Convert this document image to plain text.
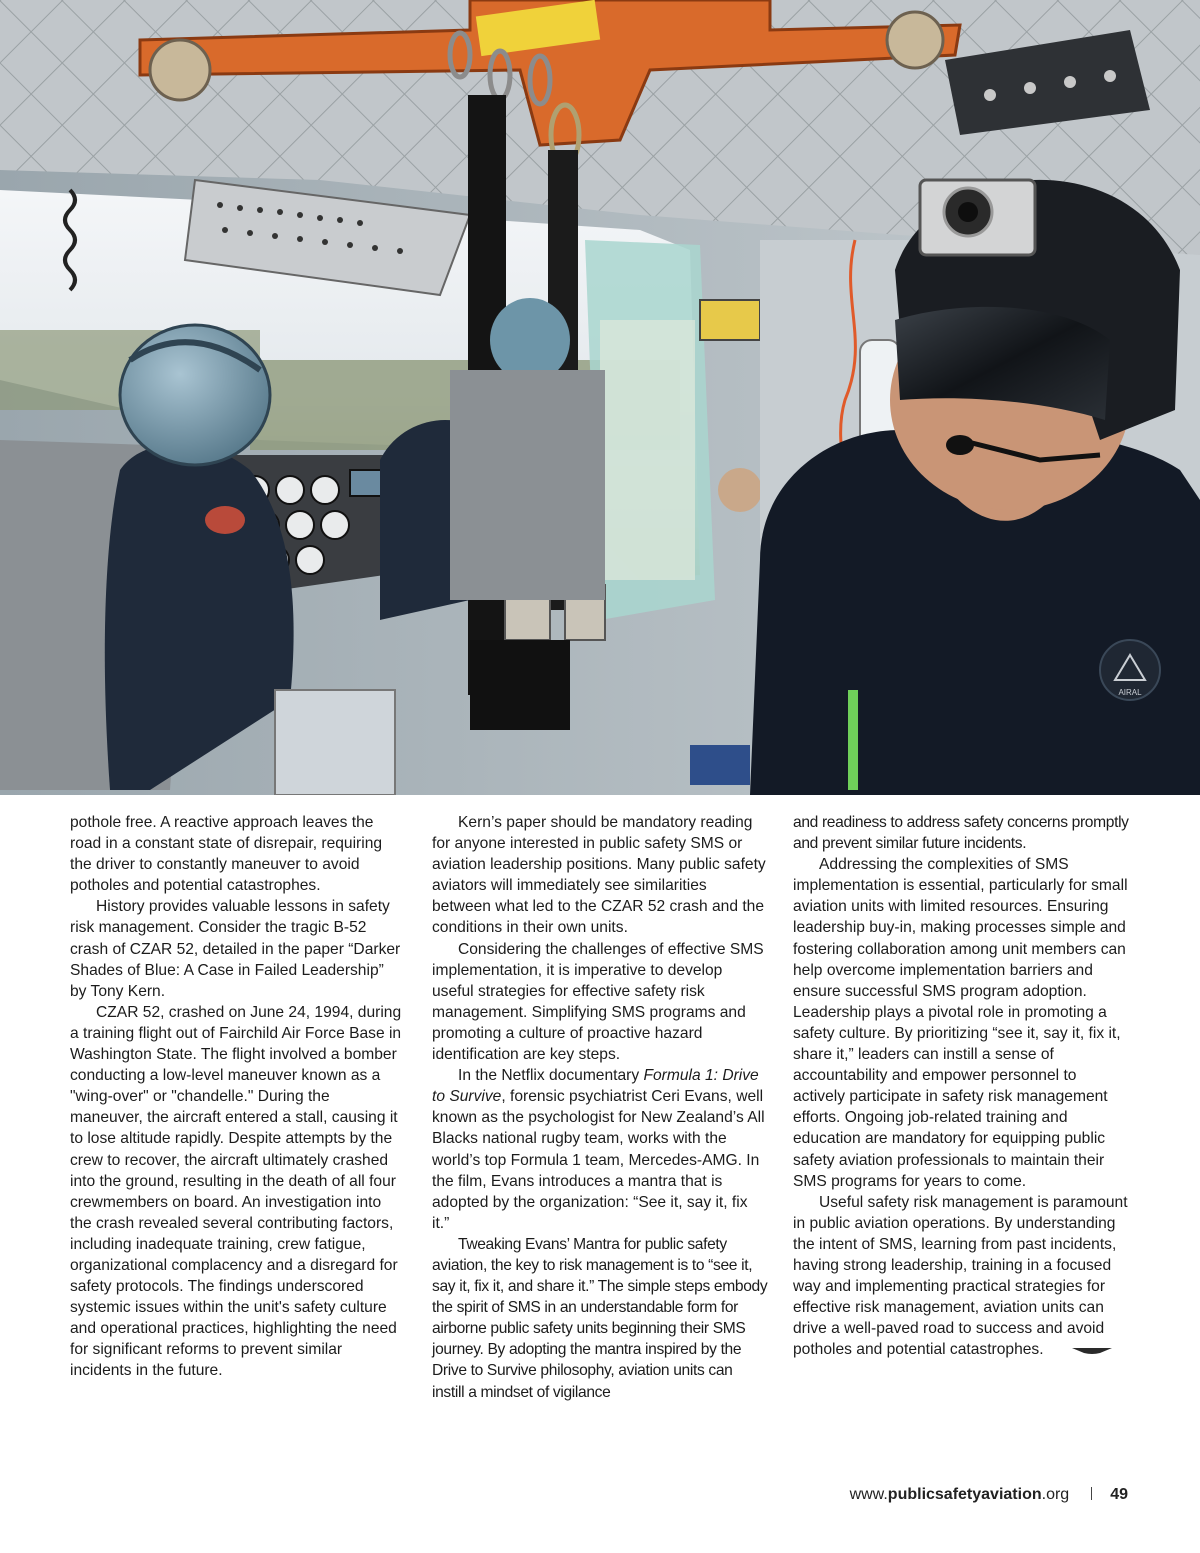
AIRAL

pothole free. A reactive approach leaves the road in a constant state of disrepair, requiring the driver to constantly maneuver to avoid potholes and potential catastrophes.

History provides valuable lessons in safety risk management. Consider the tragic B-52 crash of CZAR 52, detailed in the paper “Darker Shades of Blue: A Case in Failed Leadership” by Tony Kern.

CZAR 52, crashed on June 24, 1994, during a training flight out of Fairchild Air Force Base in Washington State. The flight involved a bomber conducting a low-level maneuver known as a "wing-over" or "chandelle." During the maneuver, the aircraft entered a stall, causing it to lose altitude rapidly. Despite attempts by the crew to recover, the aircraft ultimately crashed into the ground, resulting in the death of all four crewmembers on board. An investigation into the crash revealed several contributing factors, including inadequate training, crew fatigue, organizational complacency and a disregard for safety protocols. The findings underscored systemic issues within the unit's safety culture and operational practices, highlighting the need for significant reforms to prevent similar incidents in the future.

Kern’s paper should be mandatory reading for anyone interested in public safety SMS or aviation leadership positions. Many public safety aviators will immediately see similarities between what led to the CZAR 52 crash and the conditions in their own units.

Considering the challenges of effective SMS implementation, it is imperative to develop useful strategies for effective safety risk management. Simplifying SMS programs and promoting a culture of proactive hazard identification are key steps.

In the Netflix documentary Formula 1: Drive to Survive, forensic psychiatrist Ceri Evans, well known as the psychologist for New Zealand’s All Blacks national rugby team, works with the world’s top Formula 1 team, Mercedes-AMG. In the film, Evans introduces a mantra that is adopted by the organization: “See it, say it, fix it.”

Tweaking Evans’ Mantra for public safety aviation, the key to risk management is to “see it, say it, fix it, and share it.” The simple steps embody the spirit of SMS in an understandable form for airborne public safety units beginning their SMS journey. By adopting the mantra inspired by the Drive to Survive philosophy, aviation units can instill a mindset of vigilance

and readiness to address safety concerns promptly and prevent similar future incidents.

Addressing the complexities of SMS implementation is essential, particularly for small aviation units with limited resources. Ensuring leadership buy-in, making processes simple and fostering collaboration among unit members can help overcome implementation barriers and ensure successful SMS program adoption. Leadership plays a pivotal role in promoting a safety culture. By prioritizing “see it, say it, fix it, share it,” leaders can instill a sense of accountability and empower personnel to actively participate in safety risk management efforts. Ongoing job-related training and education are mandatory for equipping public safety aviation professionals to maintain their SMS programs for years to come.

Useful safety risk management is paramount in public aviation operations. By understanding the intent of SMS, learning from past incidents, having strong leadership, training in a focused way and implementing practical strategies for effective risk management, aviation units can drive a well-paved road to success and avoid potholes and potential catastrophes.

www.publicsafetyaviation.org	49
